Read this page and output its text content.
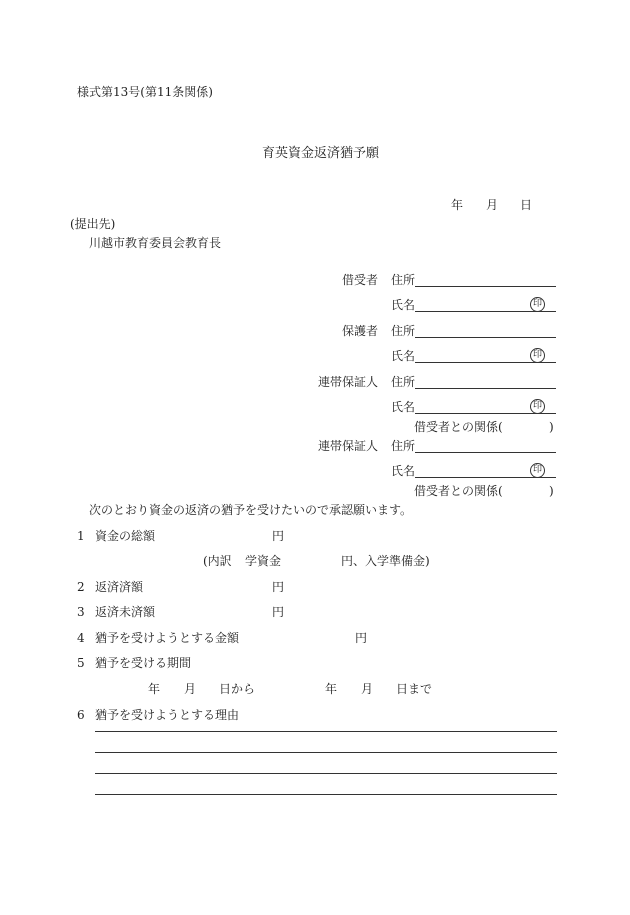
様式第13号(第11条関係)
育英資金返済猶予願
年 月 日
(提出先)
川越市教育委員会教育長
借受者 住所
氏名	印
保護者 住所
氏名	印
連帯保証人 住所
氏名	印
借受者との関係(	)
連帯保証人 住所
氏名	印
借受者との関係(	)
次のとおり資金の返済の猶予を受けたいので承認願います。
1 資金の総額	円
(内訳 学資金	円、入学準備金)
2 返済済額	円
3 返済未済額	円
4 猶予を受けようとする金額	円
5 猶予を受ける期間
年 月 日から	年 月 日まで
6 猶予を受けようとする理由
